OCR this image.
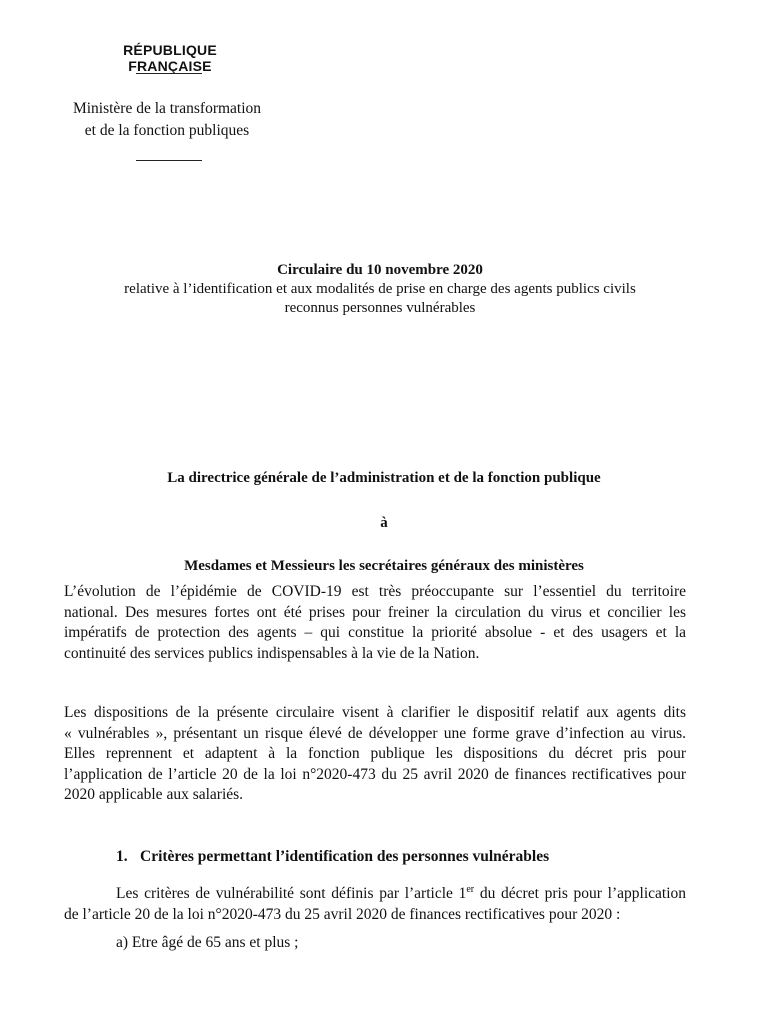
RÉPUBLIQUE FRANÇAISE
Ministère de la transformation
et de la fonction publiques
Circulaire du 10 novembre 2020
relative à l’identification et aux modalités de prise en charge des agents publics civils
reconnus personnes vulnérables
La directrice générale de l’administration et de la fonction publique
à
Mesdames et Messieurs les secrétaires généraux des ministères
L’évolution de l’épidémie de COVID-19 est très préoccupante sur l’essentiel du territoire
national. Des mesures fortes ont été prises pour freiner la circulation du virus et concilier les
impératifs de protection des agents – qui constitue la priorité absolue - et des usagers et la
continuité des services publics indispensables à la vie de la Nation.
Les dispositions de la présente circulaire visent à clarifier le dispositif relatif aux agents dits
« vulnérables », présentant un risque élevé de développer une forme grave d’infection au virus.
Elles reprennent et adaptent à la fonction publique les dispositions du décret pris pour
l’application de l’article 20 de la loi n°2020-473 du 25 avril 2020 de finances rectificatives pour
2020 applicable aux salariés.
1. Critères permettant l’identification des personnes vulnérables
Les critères de vulnérabilité sont définis par l’article 1er du décret pris pour l’application
de l’article 20 de la loi n°2020-473 du 25 avril 2020 de finances rectificatives pour 2020 :
a) Etre âgé de 65 ans et plus ;
